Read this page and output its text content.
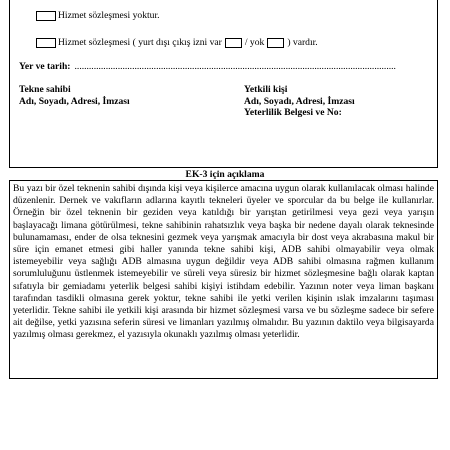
Hizmet sözleşmesi yoktur.
Hizmet sözleşmesi ( yurt dışı çıkış izni var / yok ) vardır.
Yer ve tarih: ......................................................................................................................................
Tekne sahibi
Adı, Soyadı, Adresi, İmzası
Yetkili kişi
Adı, Soyadı, Adresi, İmzası
Yeterlilik Belgesi ve No:
EK-3 için açıklama

Bu yazı bir özel teknenin sahibi dışında kişi veya kişilerce amacına uygun olarak kullanılacak olması halinde düzenlenir. Dernek ve vakıfların adlarına kayıtlı tekneleri üyeler ve sporcular da bu belge ile kullanırlar. Örneğin bir özel teknenin bir geziden veya katıldığı bir yarıştan getirilmesi veya gezi veya yarışın başlayacağı limana götürülmesi, tekne sahibinin rahatsızlık veya başka bir nedene dayalı olarak teknesinde bulunamaması, ender de olsa teknesini gezmek veya yarışmak amacıyla bir dost veya akrabasına makul bir süre için emanet etmesi gibi haller yanında tekne sahibi kişi, ADB sahibi olmayabilir veya olmak istemeyebilir veya sağlığı ADB almasına uygun değildir veya ADB sahibi olmasına rağmen kullanım sorumluluğunu üstlenmek istemeyebilir ve süreli veya süresiz bir hizmet sözleşmesine bağlı olarak kaptan sıfatıyla bir gemiadamı yeterlik belgesi sahibi kişiyi istihdam edebilir. Yazının noter veya liman başkanı tarafından tasdikli olmasına gerek yoktur, tekne sahibi ile yetki verilen kişinin ıslak imzalarını taşıması yeterlidir. Tekne sahibi ile yetkili kişi arasında bir hizmet sözleşmesi varsa ve bu sözleşme sadece bir sefere ait değilse, yetki yazısına seferin süresi ve limanları yazılmış olmalıdır. Bu yazının daktilo veya bilgisayarda yazılmış olması gerekmez, el yazısıyla okunaklı yazılmış olması yeterlidir.
